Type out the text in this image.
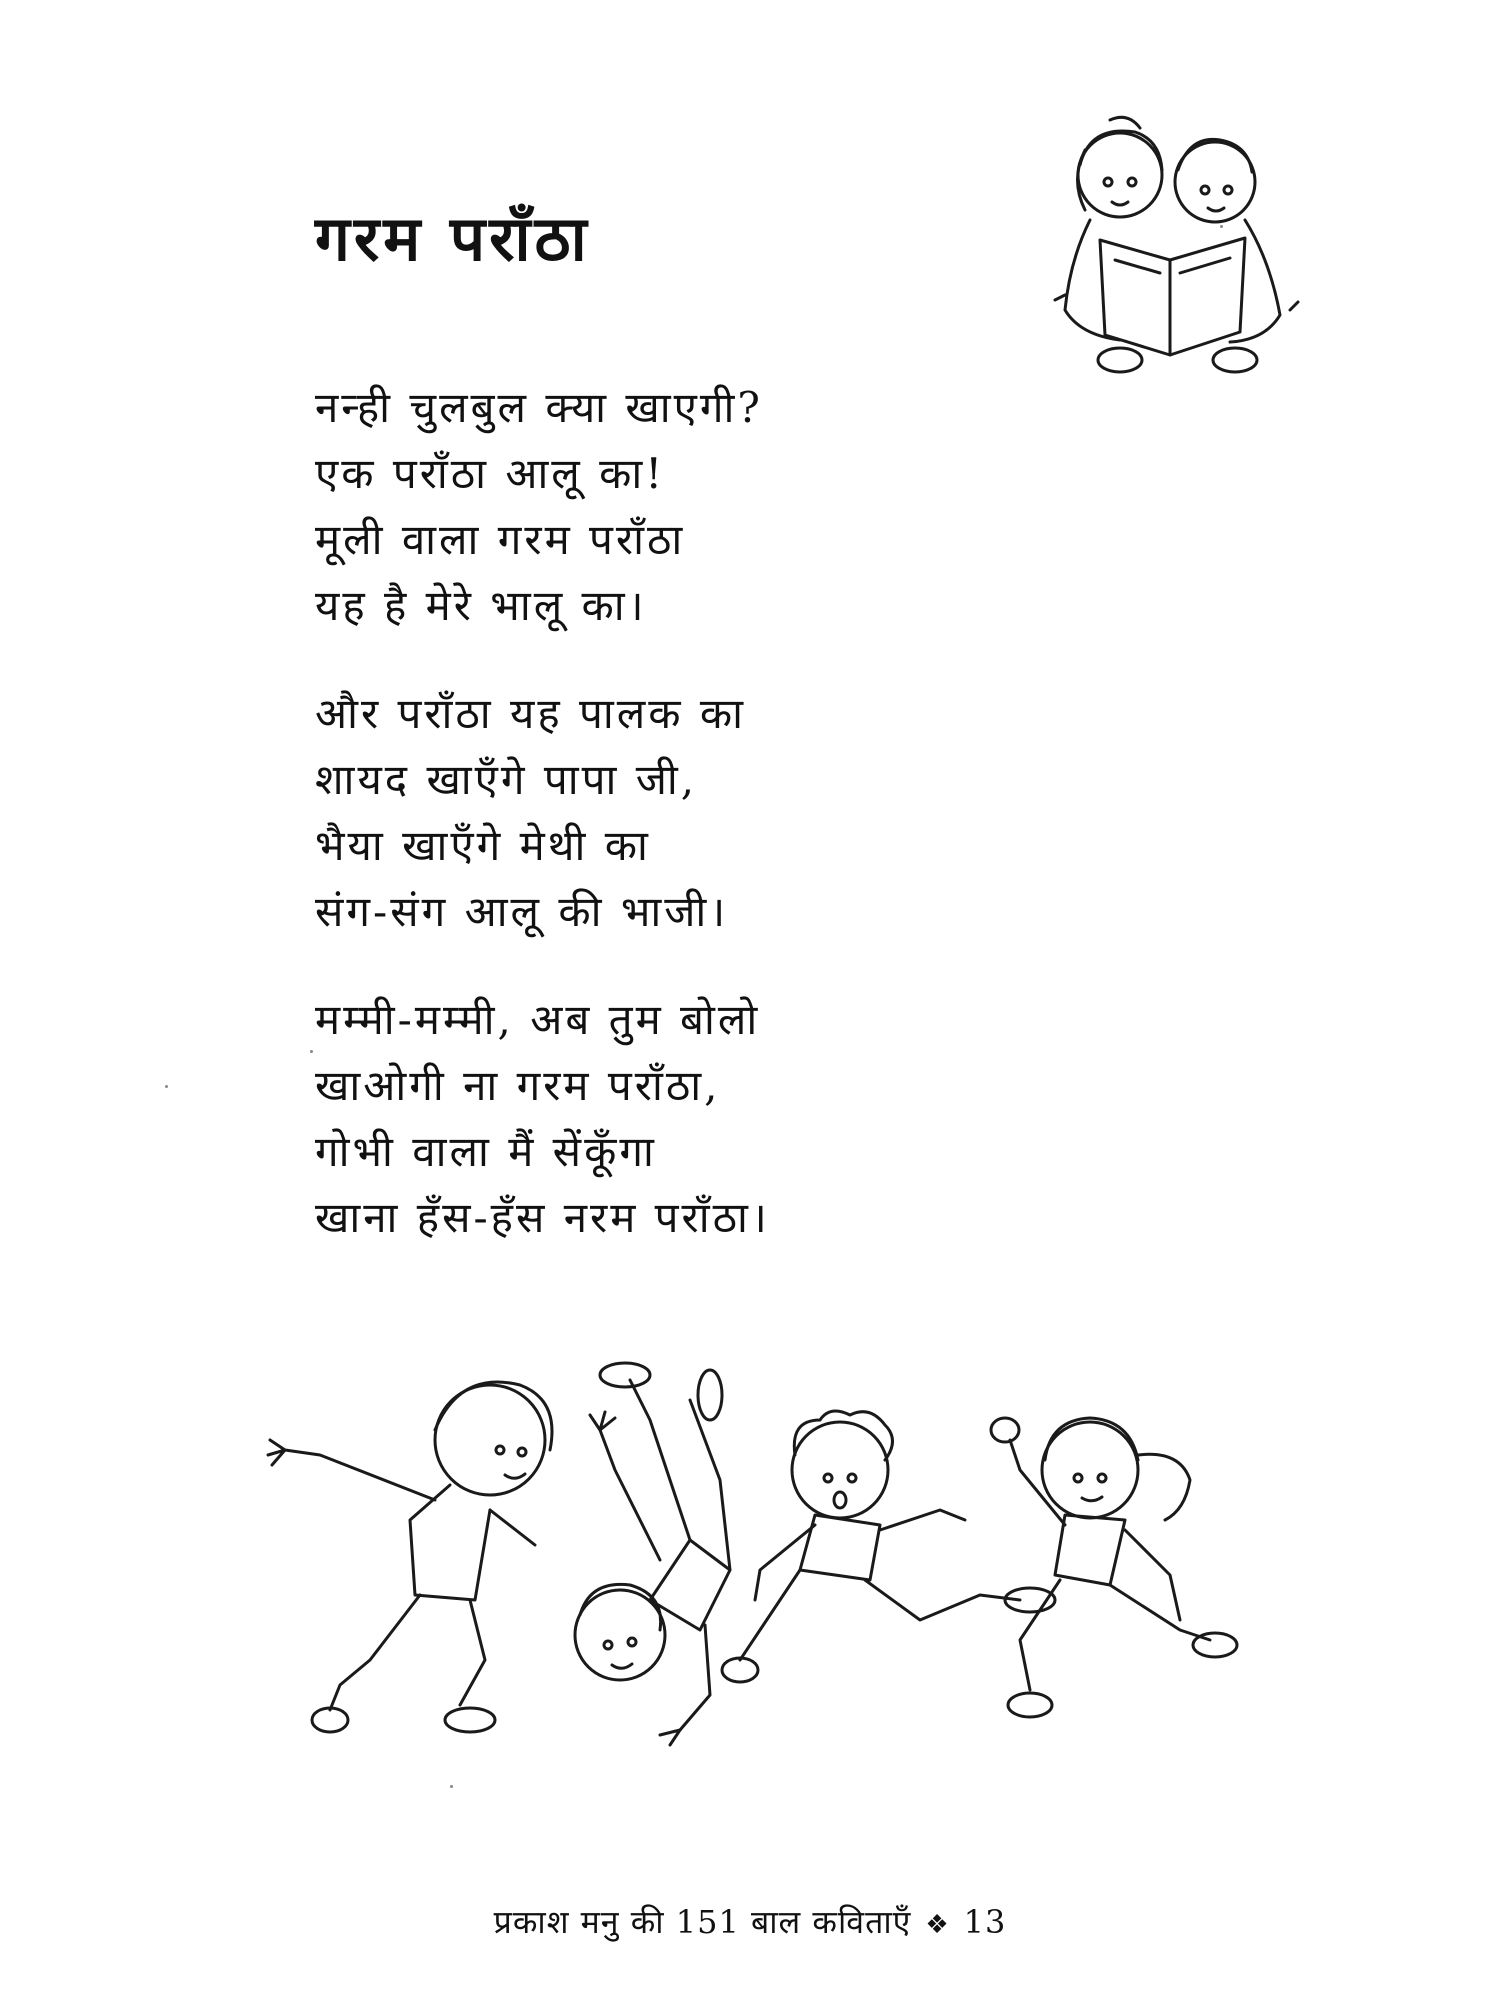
गरम पराँठा
नन्ही चुलबुल क्या खाएगी?
एक पराँठा आलू का!
मूली वाला गरम पराँठा
यह है मेरे भालू का।
और पराँठा यह पालक का
शायद खाएँगे पापा जी,
भैया खाएँगे मेथी का
संग-संग आलू की भाजी।
मम्मी-मम्मी, अब तुम बोलो
खाओगी ना गरम पराँठा,
गोभी वाला मैं सेंकूँगा
खाना हँस-हँस नरम पराँठा।
प्रकाश मनु की 151 बाल कविताएँ ❖ 13
